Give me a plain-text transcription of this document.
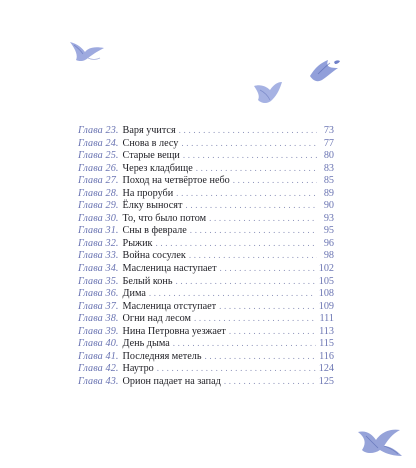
Глава 23. Варя учится . . .	73
Глава 24. Снова в лесу . . .	77
Глава 25. Старые вещи . . .	80
Глава 26. Через кладбище . . .	83
Глава 27. Поход на четвёртое небо . . .	85
Глава 28. На проруби . . .	89
Глава 29. Ёлку выносят . . .	90
Глава 30. То, что было потом . . .	93
Глава 31. Сны в феврале . . .	95
Глава 32. Рыжик . . .	96
Глава 33. Война сосулек . . .	98
Глава 34. Масленица наступает . . .	102
Глава 35. Белый конь . . .	105
Глава 36. Дима . . .	108
Глава 37. Масленица отступает . . .	109
Глава 38. Огни над лесом . . .	111
Глава 39. Нина Петровна уезжает . . .	113
Глава 40. День дыма . . .	115
Глава 41. Последняя метель . . .	116
Глава 42. Наутро . . .	124
Глава 43. Орион падает на запад . . .	125
